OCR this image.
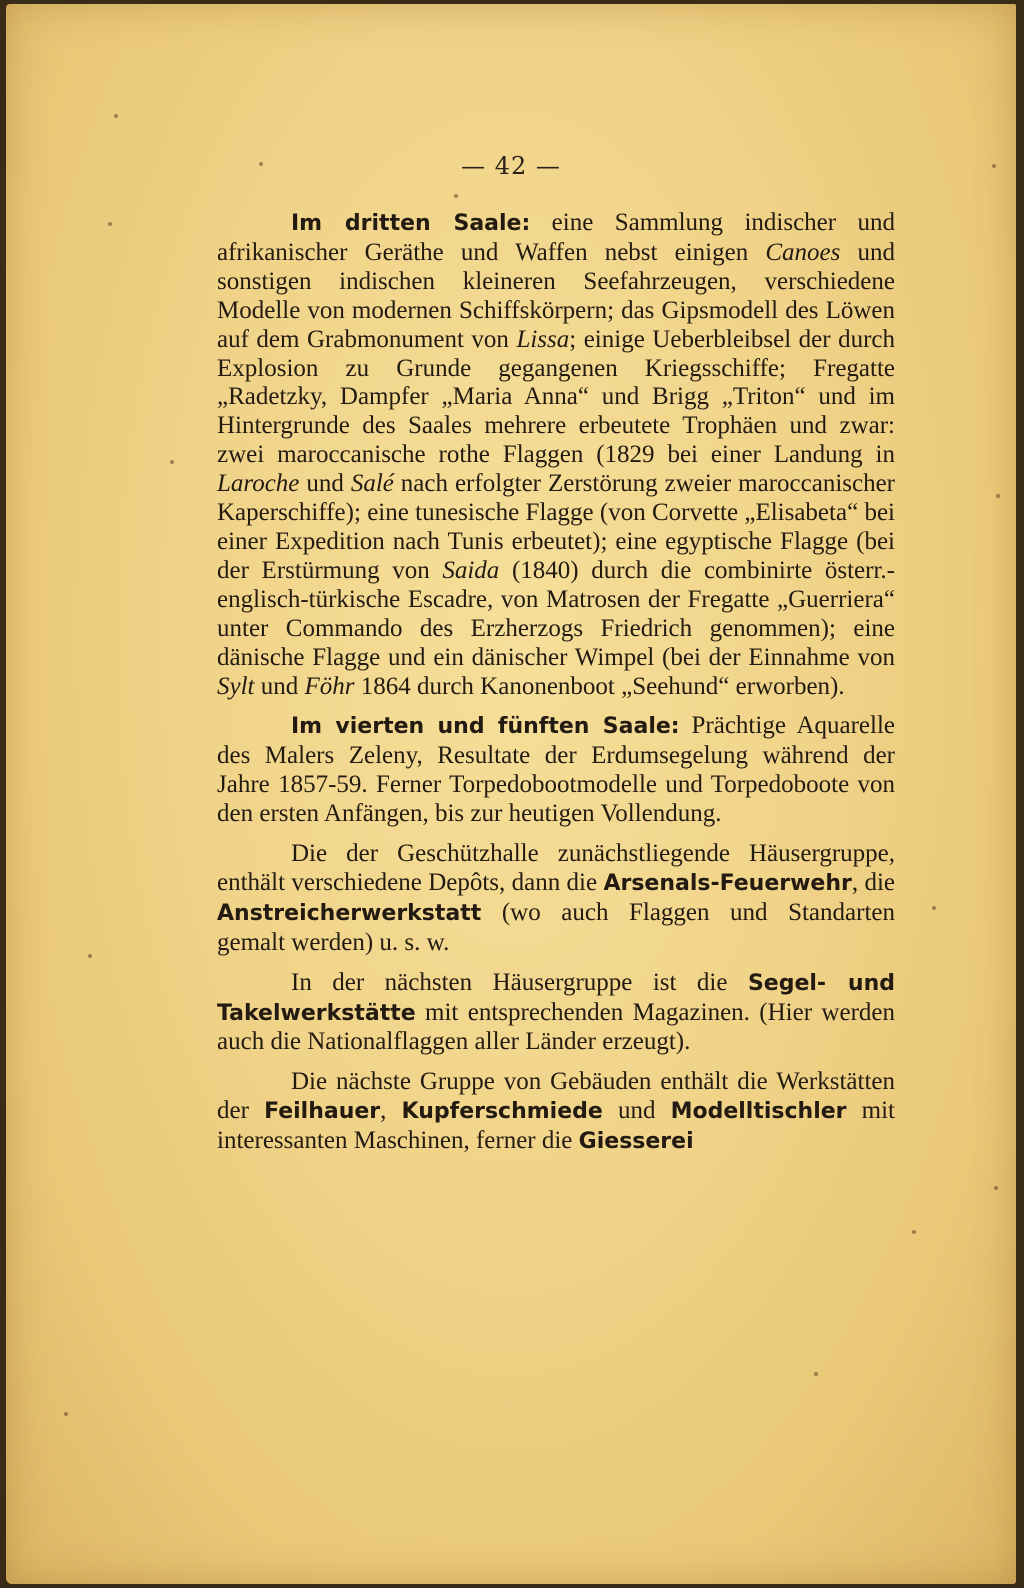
— 42 —

Im dritten Saale: eine Sammlung indischer und afrikanischer Geräthe und Waffen nebst einigen Canoes und sonstigen indischen kleineren Seefahrzeugen, verschiedene Modelle von modernen Schiffskörpern; das Gipsmodell des Löwen auf dem Grabmonument von Lissa; einige Ueberbleibsel der durch Explosion zu Grunde gegangenen Kriegsschiffe; Fregatte „Radetzky, Dampfer „Maria Anna“ und Brigg „Triton“ und im Hintergrunde des Saales mehrere erbeutete Trophäen und zwar: zwei maroccanische rothe Flaggen (1829 bei einer Landung in Laroche und Salé nach erfolgter Zerstörung zweier maroccanischer Kaperschiffe); eine tunesische Flagge (von Corvette „Elisabeta“ bei einer Expedition nach Tunis erbeutet); eine egyptische Flagge (bei der Erstürmung von Saida (1840) durch die combinirte österr.-englisch-türkische Escadre, von Matrosen der Fregatte „Guerriera“ unter Commando des Erzherzogs Friedrich genommen); eine dänische Flagge und ein dänischer Wimpel (bei der Einnahme von Sylt und Föhr 1864 durch Kanonenboot „Seehund“ erworben).

Im vierten und fünften Saale: Prächtige Aquarelle des Malers Zeleny, Resultate der Erdumsegelung während der Jahre 1857-59. Ferner Torpedobootmodelle und Torpedoboote von den ersten Anfängen, bis zur heutigen Vollendung.

Die der Geschützhalle zunächstliegende Häusergruppe, enthält verschiedene Depôts, dann die Arsenals-Feuerwehr, die Anstreicherwerkstatt (wo auch Flaggen und Standarten gemalt werden) u. s. w.

In der nächsten Häusergruppe ist die Segel- und Takelwerkstätte mit entsprechenden Magazinen. (Hier werden auch die Nationalflaggen aller Länder erzeugt).

Die nächste Gruppe von Gebäuden enthält die Werkstätten der Feilhauer, Kupferschmiede und Modelltischler mit interessanten Maschinen, ferner die Giesserei
